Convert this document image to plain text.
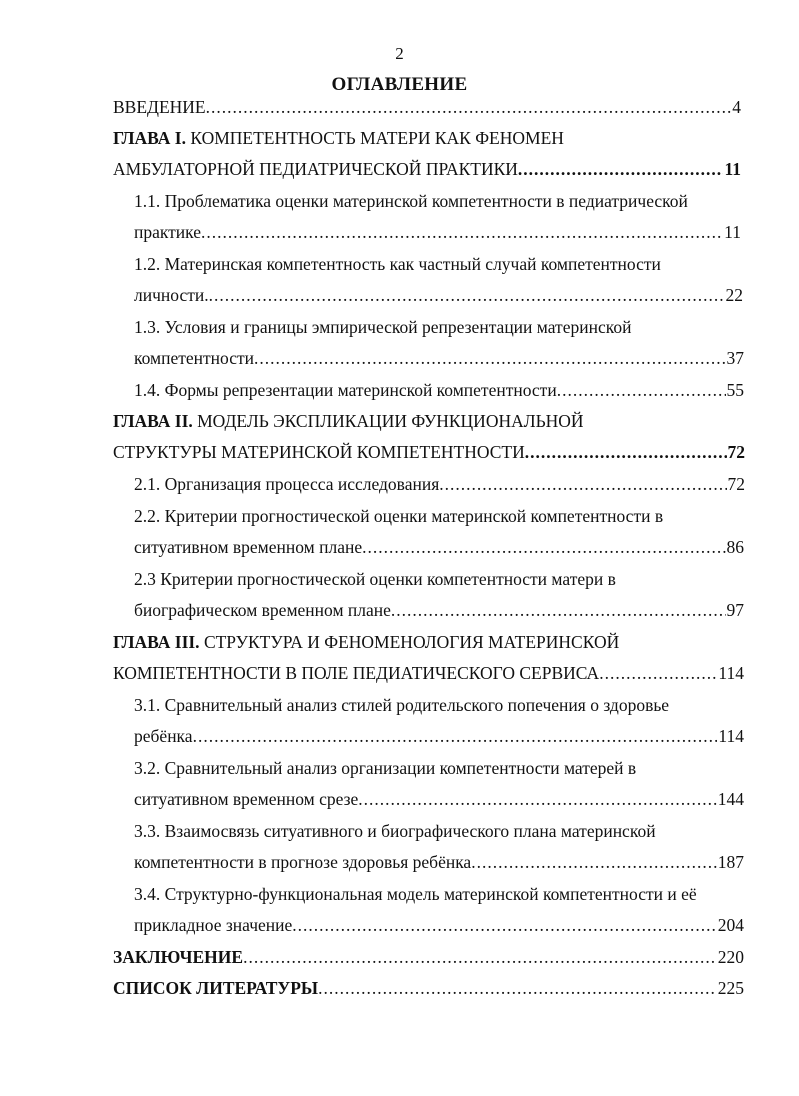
2
ОГЛАВЛЕНИЕ
ВВЕДЕНИЕ .....	4
ГЛАВА I. КОМПЕТЕНТНОСТЬ МАТЕРИ КАК ФЕНОМЕН
АМБУЛАТОРНОЙ ПЕДИАТРИЧЕСКОЙ ПРАКТИКИ .....	11
1.1. Проблематика оценки материнской компетентности в педиатрической
практике .....	11
1.2. Материнская компетентность как частный случай компетентности
личности. .....	22
1.3. Условия и границы эмпирической репрезентации материнской
компетентности .....	37
1.4. Формы репрезентации материнской компетентности .....	55
ГЛАВА II. МОДЕЛЬ ЭКСПЛИКАЦИИ ФУНКЦИОНАЛЬНОЙ
СТРУКТУРЫ МАТЕРИНСКОЙ КОМПЕТЕНТНОСТИ .....	72
2.1. Организация процесса исследования .....	72
2.2. Критерии прогностической оценки материнской компетентности в
ситуативном временном плане .....	86
2.3 Критерии прогностической оценки компетентности матери в
биографическом временном плане .....	97
ГЛАВА III. СТРУКТУРА И ФЕНОМЕНОЛОГИЯ МАТЕРИНСКОЙ
КОМПЕТЕНТНОСТИ В ПОЛЕ ПЕДИАТИЧЕСКОГО СЕРВИСА .....	114
3.1. Сравнительный анализ стилей родительского попечения о здоровье
ребёнка .....	114
3.2. Сравнительный анализ организации компетентности матерей в
ситуативном временном срезе .....	144
3.3. Взаимосвязь ситуативного и биографического плана материнской
компетентности в прогнозе здоровья ребёнка .....	187
3.4. Структурно-функциональная модель материнской компетентности и её
прикладное значение .....	204
ЗАКЛЮЧЕНИЕ .....	220
СПИСОК ЛИТЕРАТУРЫ .....	225
